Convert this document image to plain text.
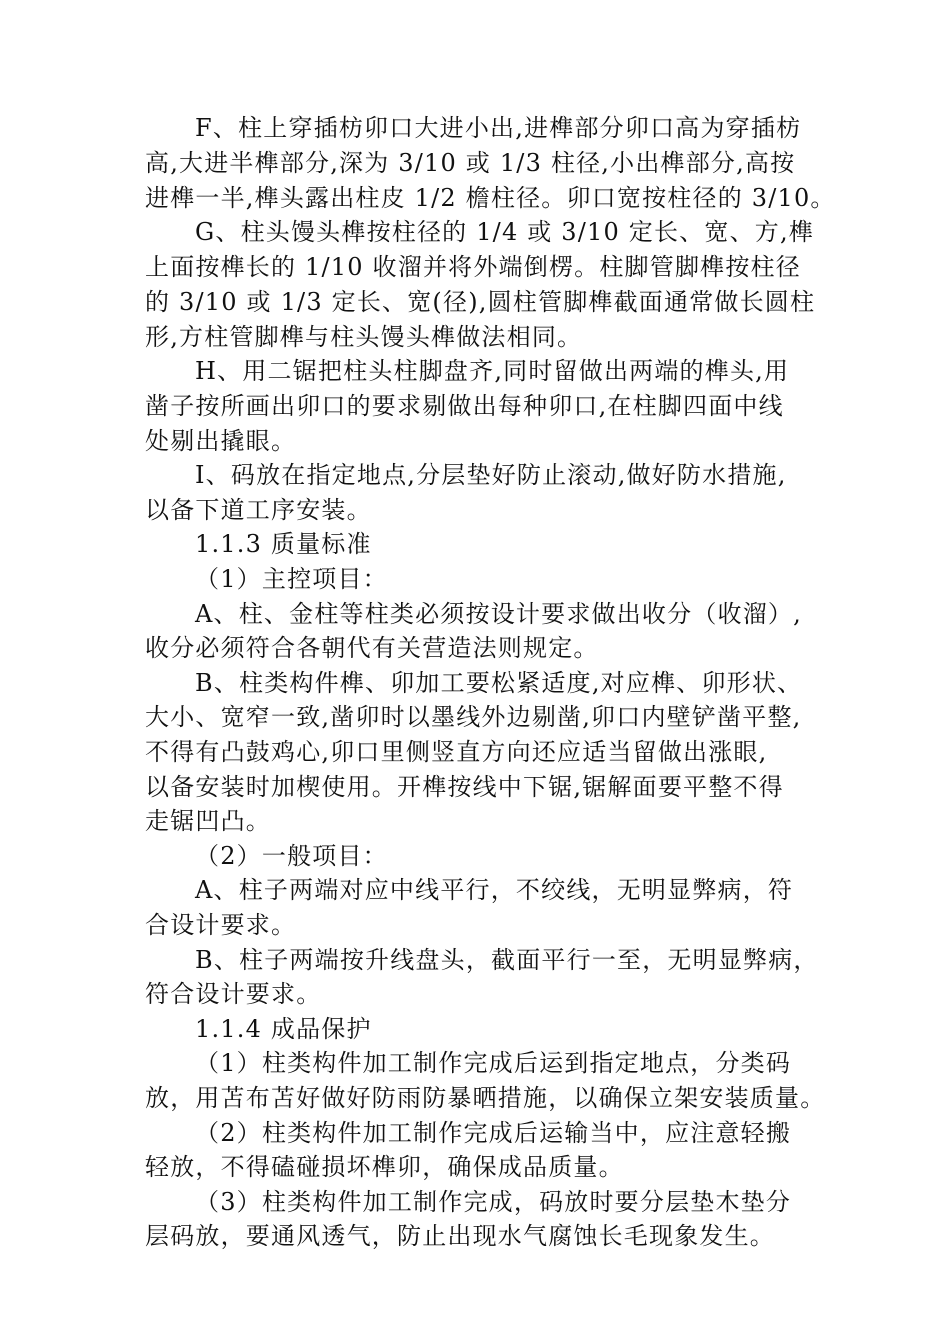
F、柱上穿插枋卯口大进小出,进榫部分卯口高为穿插枋
高,大进半榫部分,深为 3/10 或 1/3 柱径,小出榫部分,高按
进榫一半,榫头露出柱皮 1/2 檐柱径。卯口宽按柱径的 3/10。
G、柱头馒头榫按柱径的 1/4 或 3/10 定长、宽、方,榫
上面按榫长的 1/10 收溜并将外端倒楞。柱脚管脚榫按柱径
的 3/10 或 1/3 定长、宽(径),圆柱管脚榫截面通常做长圆柱
形,方柱管脚榫与柱头馒头榫做法相同。
H、用二锯把柱头柱脚盘齐,同时留做出两端的榫头,用
凿子按所画出卯口的要求剔做出每种卯口,在柱脚四面中线
处剔出撬眼。
I、码放在指定地点,分层垫好防止滚动,做好防水措施,
以备下道工序安装。
1.1.3 质量标准
（1）主控项目：
A、柱、金柱等柱类必须按设计要求做出收分（收溜）,
收分必须符合各朝代有关营造法则规定。
B、柱类构件榫、卯加工要松紧适度,对应榫、卯形状、
大小、宽窄一致,凿卯时以墨线外边剔凿,卯口内壁铲凿平整,
不得有凸鼓鸡心,卯口里侧竖直方向还应适当留做出涨眼,
以备安装时加楔使用。开榫按线中下锯,锯解面要平整不得
走锯凹凸。
（2）一般项目：
A、柱子两端对应中线平行，不绞线，无明显弊病，符
合设计要求。
B、柱子两端按升线盘头，截面平行一至，无明显弊病，
符合设计要求。
1.1.4 成品保护
（1）柱类构件加工制作完成后运到指定地点，分类码
放，用苫布苫好做好防雨防暴晒措施，以确保立架安装质量。
（2）柱类构件加工制作完成后运输当中，应注意轻搬
轻放，不得磕碰损坏榫卯，确保成品质量。
（3）柱类构件加工制作完成，码放时要分层垫木垫分
层码放，要通风透气，防止出现水气腐蚀长毛现象发生。
